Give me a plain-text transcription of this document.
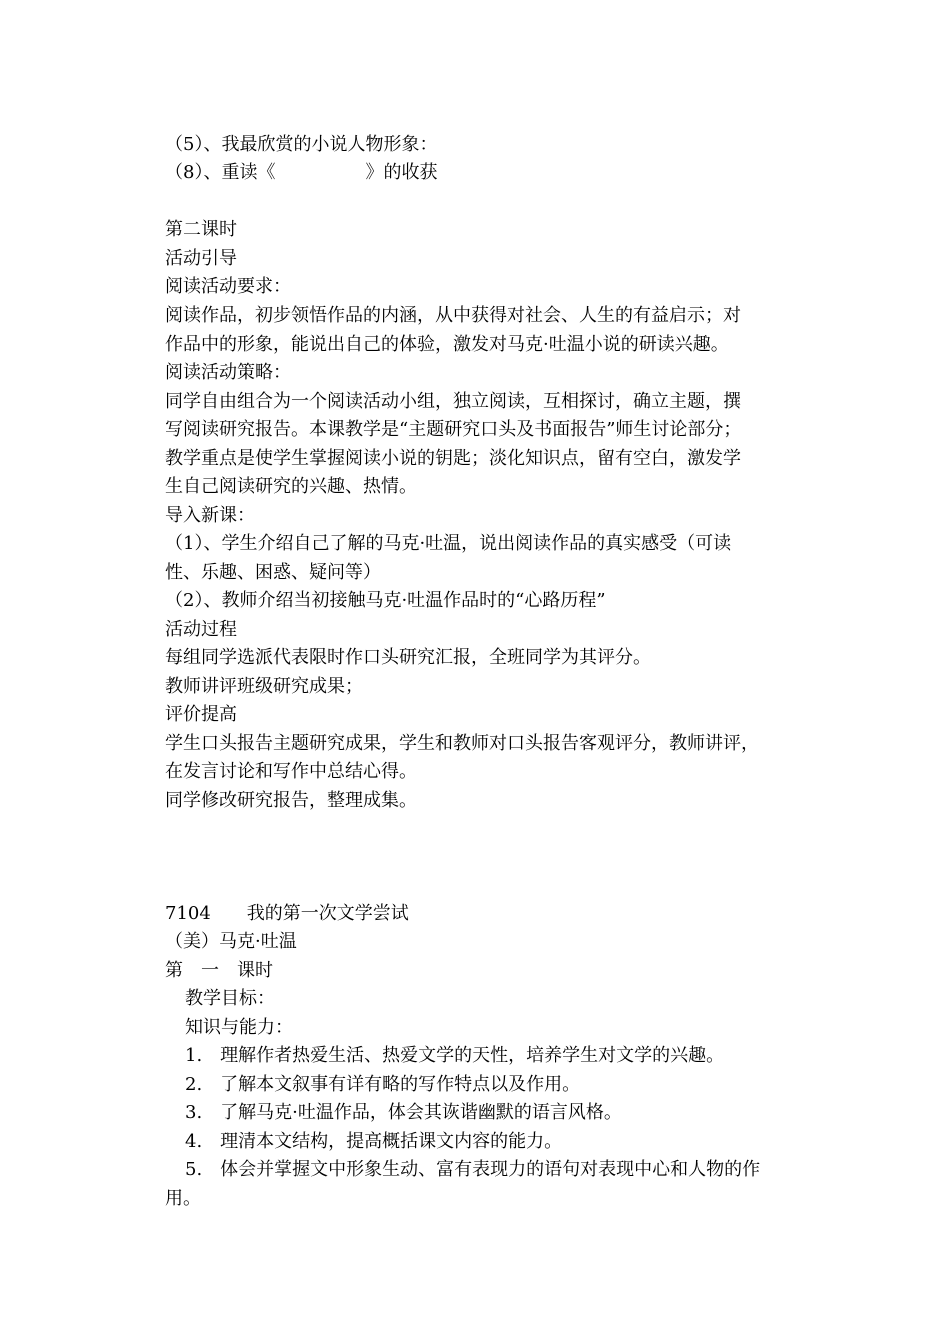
（5）、我最欣赏的小说人物形象：
（8）、重读《　　　　　》的收获
第二课时
活动引导
阅读活动要求：
阅读作品，初步领悟作品的内涵，从中获得对社会、人生的有益启示；对
作品中的形象，能说出自己的体验，激发对马克·吐温小说的研读兴趣。
阅读活动策略：
同学自由组合为一个阅读活动小组，独立阅读，互相探讨，确立主题，撰
写阅读研究报告。本课教学是“主题研究口头及书面报告”师生讨论部分；
教学重点是使学生掌握阅读小说的钥匙；淡化知识点，留有空白，激发学
生自己阅读研究的兴趣、热情。
导入新课：
（1）、学生介绍自己了解的马克·吐温，说出阅读作品的真实感受（可读
性、乐趣、困惑、疑问等）
（2）、教师介绍当初接触马克·吐温作品时的“心路历程”
活动过程
每组同学选派代表限时作口头研究汇报，全班同学为其评分。
教师讲评班级研究成果；
评价提高
学生口头报告主题研究成果，学生和教师对口头报告客观评分，教师讲评，
在发言讨论和写作中总结心得。
同学修改研究报告，整理成集。
7104　　我的第一次文学尝试
（美）马克·吐温
第　一　课时
教学目标：
知识与能力：
1.　理解作者热爱生活、热爱文学的天性，培养学生对文学的兴趣。
2.　了解本文叙事有详有略的写作特点以及作用。
3.　了解马克·吐温作品，体会其诙谐幽默的语言风格。
4.　理清本文结构，提高概括课文内容的能力。
5.　体会并掌握文中形象生动、富有表现力的语句对表现中心和人物的作
用。
